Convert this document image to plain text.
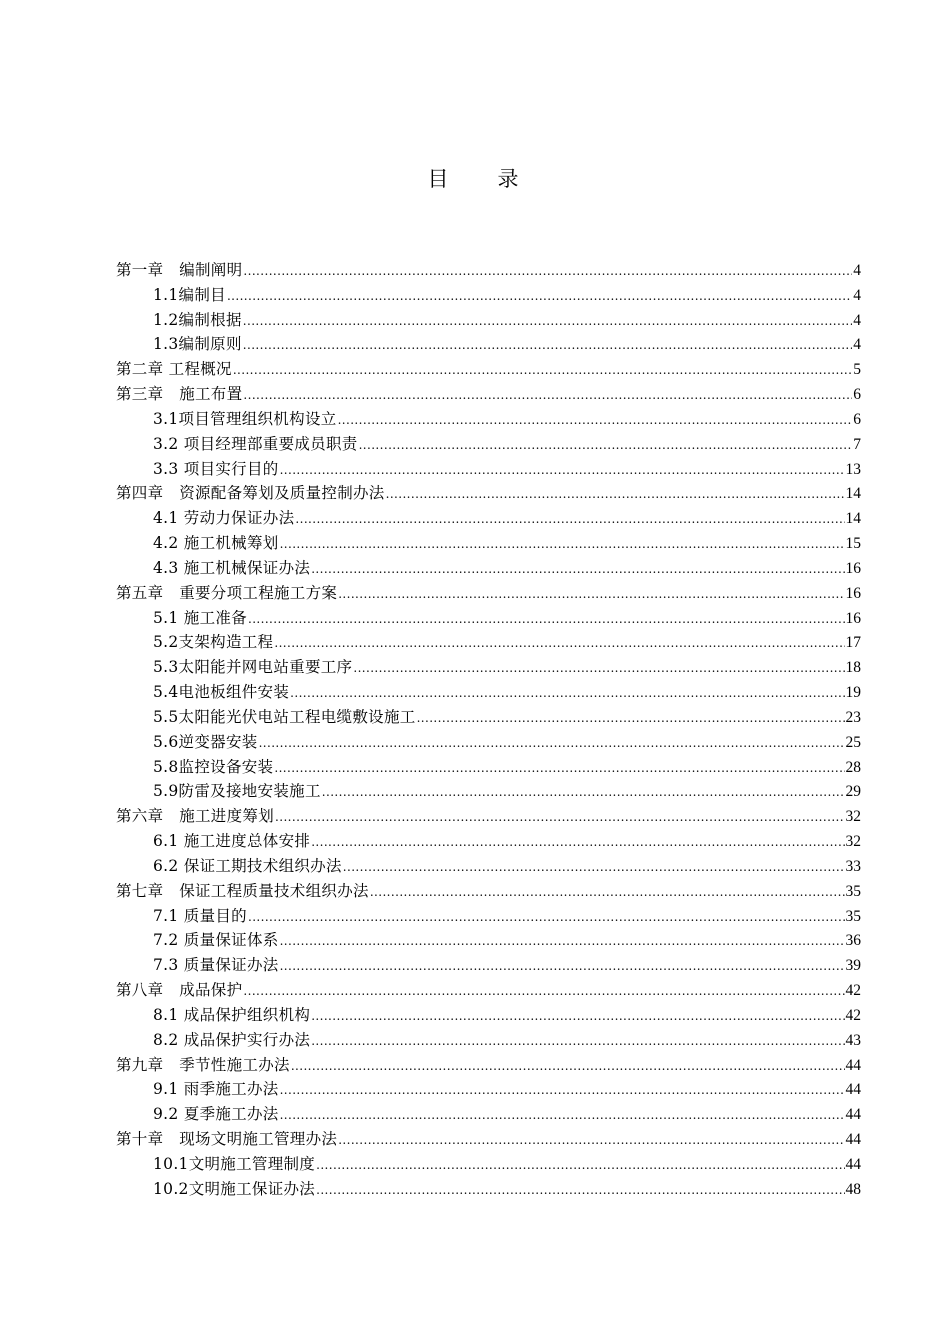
目　录
第一章　编制阐明 .....	4
1.1编制目 .....	4
1.2编制根据 .....	4
1.3编制原则 .....	4
第二章 工程概况 .....	5
第三章　施工布置 .....	6
3.1项目管理组织机构设立 .....	6
3.2 项目经理部重要成员职责 .....	7
3.3 项目实行目的 .....	13
第四章　资源配备筹划及质量控制办法 .....	14
4.1 劳动力保证办法 .....	14
4.2 施工机械筹划 .....	15
4.3 施工机械保证办法 .....	16
第五章　重要分项工程施工方案 .....	16
5.1 施工准备 .....	16
5.2支架构造工程 .....	17
5.3太阳能并网电站重要工序 .....	18
5.4电池板组件安装 .....	19
5.5太阳能光伏电站工程电缆敷设施工 .....	23
5.6逆变器安装 .....	25
5.8监控设备安装 .....	28
5.9防雷及接地安装施工 .....	29
第六章　施工进度筹划 .....	32
6.1 施工进度总体安排 .....	32
6.2 保证工期技术组织办法 .....	33
第七章　保证工程质量技术组织办法 .....	35
7.1 质量目的 .....	35
7.2 质量保证体系 .....	36
7.3 质量保证办法 .....	39
第八章　成品保护 .....	42
8.1 成品保护组织机构 .....	42
8.2 成品保护实行办法 .....	43
第九章　季节性施工办法 .....	44
9.1 雨季施工办法 .....	44
9.2 夏季施工办法 .....	44
第十章　现场文明施工管理办法 .....	44
10.1文明施工管理制度 .....	44
10.2文明施工保证办法 .....	48
